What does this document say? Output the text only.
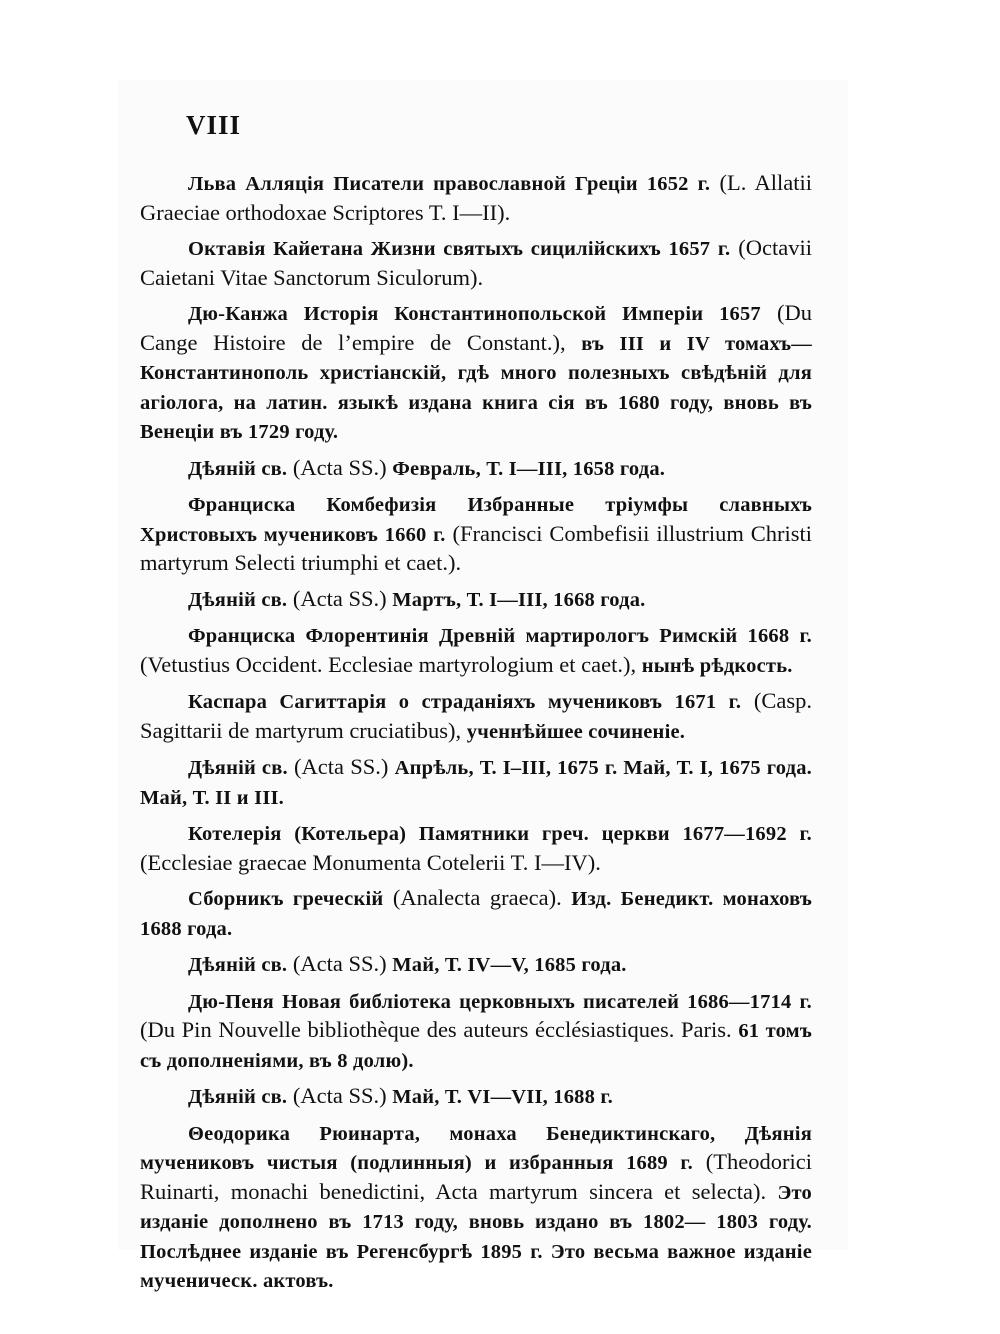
VIII

Льва Алляція Писатели православной Греціи 1652 г. (L. Allatii Graeciae orthodoxae Scriptores T. I—II).

Октавія Кайетана Жизни святыхъ сицилійскихъ 1657 г. (Octavii Caietani Vitae Sanctorum Siculorum).

Дю-Канжа Исторія Константинопольской Имперіи 1657 (Du Cange Histoire de l’empire de Constant.), въ III и IV томахъ— Константинополь христіанскій, гдѣ много полезныхъ свѣдѣній для агіолога, на латин. языкѣ издана книга сія въ 1680 году, вновь въ Венеціи въ 1729 году.

Дѣяній св. (Acta SS.) Февраль, Т. I—III, 1658 года.

Франциска Комбефизія Избранные тріумфы славныхъ Христовыхъ мучениковъ 1660 г. (Francisci Combefisii illustrium Christi martyrum Selecti triumphi et caet.).

Дѣяній св. (Acta SS.) Мартъ, Т. I—III, 1668 года.

Франциска Флорентинія Древній мартирологъ Римскій 1668 г. (Vetustius Occident. Ecclesiae martyrologium et caet.), нынѣ рѣдкость.

Каспара Сагиттарія о страданіяхъ мучениковъ 1671 г. (Casp. Sagittarii de martyrum cruciatibus), ученнѣйшее сочиненіе.

Дѣяній св. (Acta SS.) Апрѣль, Т. I–III, 1675 г. Май, Т. I, 1675 года. Май, Т. II и III.

Котелерія (Котельера) Памятники греч. церкви 1677—1692 г. (Ecclesiae graecae Monumenta Cotelerii T. I—IV).

Сборникъ греческій (Analecta graeca). Изд. Бенедикт. монаховъ 1688 года.

Дѣяній св. (Acta SS.) Май, Т. IV—V, 1685 года.

Дю-Пеня Новая библіотека церковныхъ писателей 1686—1714 г. (Du Pin Nouvelle bibliothèque des auteurs écclésiastiques. Paris. 61 томъ съ дополненіями, въ 8 долю).

Дѣяній св. (Acta SS.) Май, Т. VI—VII, 1688 г.

Θеодорика Рюинарта, монаха Бенедиктинскаго, Дѣянія мучениковъ чистыя (подлинныя) и избранныя 1689 г. (Theodorici Ruinarti, monachi benedictini, Acta martyrum sincera et selecta). Это изданіе дополнено въ 1713 году, вновь издано въ 1802— 1803 году. Послѣднее изданіе въ Регенсбургѣ 1895 г. Это весьма важное изданіе мученическ. актовъ.
